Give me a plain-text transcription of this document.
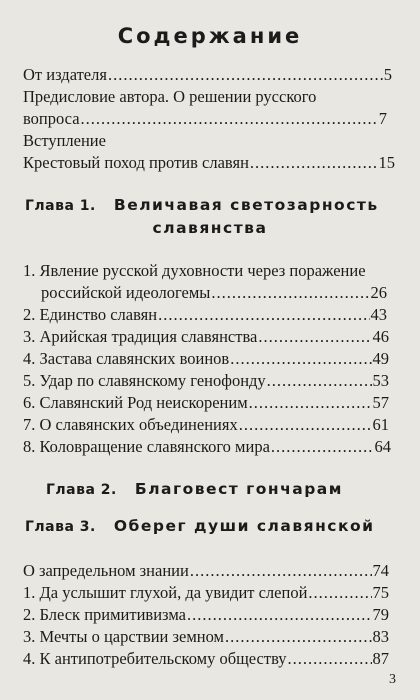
Содержание
От издателя .....	5
Предисловие автора. О решении русского
вопроса .....	7
Вступление
Крестовый поход против славян .....	15
Глава 1. Величавая светозарность
славянства
1. Явление русской духовности через поражение
российской идеологемы .....	26
2. Единство славян .....	43
3. Арийская традиция славянства .....	46
4. Застава славянских воинов .....	49
5. Удар по славянскому генофонду .....	53
6. Славянский Род неискореним .....	57
7. О славянских объединениях .....	61
8. Коловращение славянского мира .....	64
Глава 2. Благовест гончарам
Глава 3. Оберег души славянской
О запредельном знании .....	74
1. Да услышит глухой, да увидит слепой .....	75
2. Блеск примитивизма .....	79
3. Мечты о царствии земном .....	83
4. К антипотребительскому обществу .....	87
3
